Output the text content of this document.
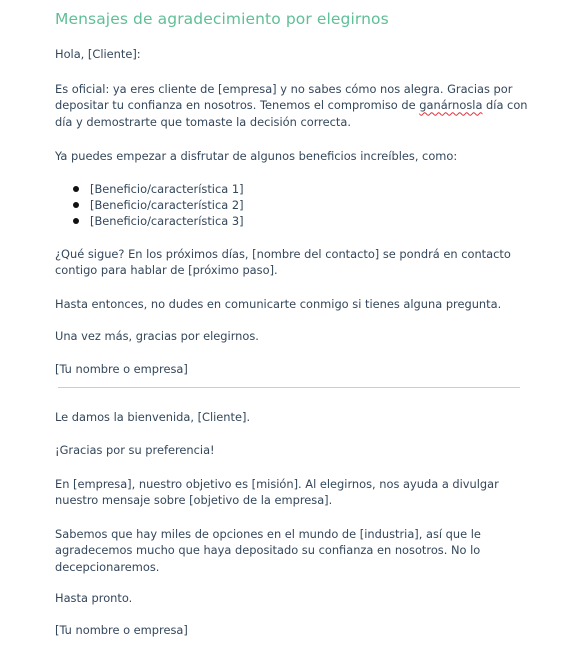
Mensajes de agradecimiento por elegirnos
Hola, [Cliente]:
Es oficial: ya eres cliente de [empresa] y no sabes cómo nos alegra. Gracias por depositar tu confianza en nosotros. Tenemos el compromiso de ganárnosla día con día y demostrarte que tomaste la decisión correcta.
Ya puedes empezar a disfrutar de algunos beneficios increíbles, como:
[Beneficio/característica 1]
[Beneficio/característica 2]
[Beneficio/característica 3]
¿Qué sigue? En los próximos días, [nombre del contacto] se pondrá en contacto contigo para hablar de [próximo paso].
Hasta entonces, no dudes en comunicarte conmigo si tienes alguna pregunta.
Una vez más, gracias por elegirnos.
[Tu nombre o empresa]
Le damos la bienvenida, [Cliente].
¡Gracias por su preferencia!
En [empresa], nuestro objetivo es [misión]. Al elegirnos, nos ayuda a divulgar nuestro mensaje sobre [objetivo de la empresa].
Sabemos que hay miles de opciones en el mundo de [industria], así que le agradecemos mucho que haya depositado su confianza en nosotros. No lo decepcionaremos.
Hasta pronto.
[Tu nombre o empresa]
